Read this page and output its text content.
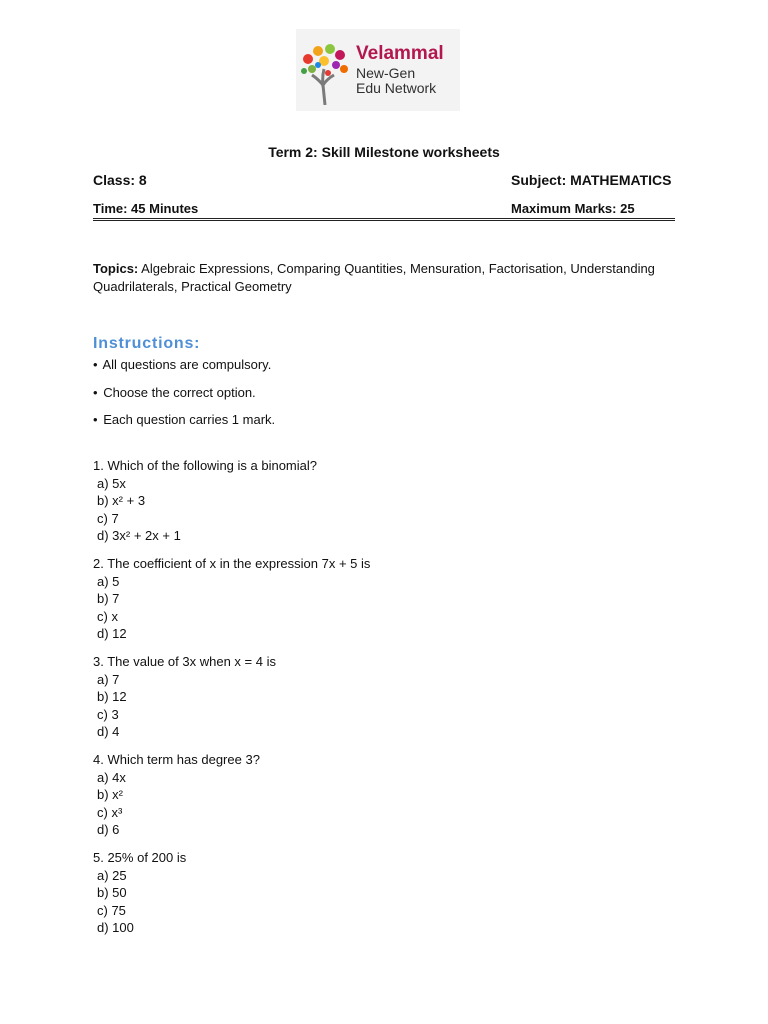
Velammal
New-Gen
Edu Network
Term 2: Skill Milestone worksheets
Class: 8	Subject: MATHEMATICS
Time: 45 Minutes	Maximum Marks: 25
Topics: Algebraic Expressions, Comparing Quantities, Mensuration, Factorisation, Understanding Quadrilaterals, Practical Geometry
Instructions:
• All questions are compulsory.
• Choose the correct option.
• Each question carries 1 mark.
1. Which of the following is a binomial?
a) 5x
b) x² + 3
c) 7
d) 3x² + 2x + 1
2. The coefficient of x in the expression 7x + 5 is
a) 5
b) 7
c) x
d) 12
3. The value of 3x when x = 4 is
a) 7
b) 12
c) 3
d) 4
4. Which term has degree 3?
a) 4x
b) x²
c) x³
d) 6
5. 25% of 200 is
a) 25
b) 50
c) 75
d) 100
